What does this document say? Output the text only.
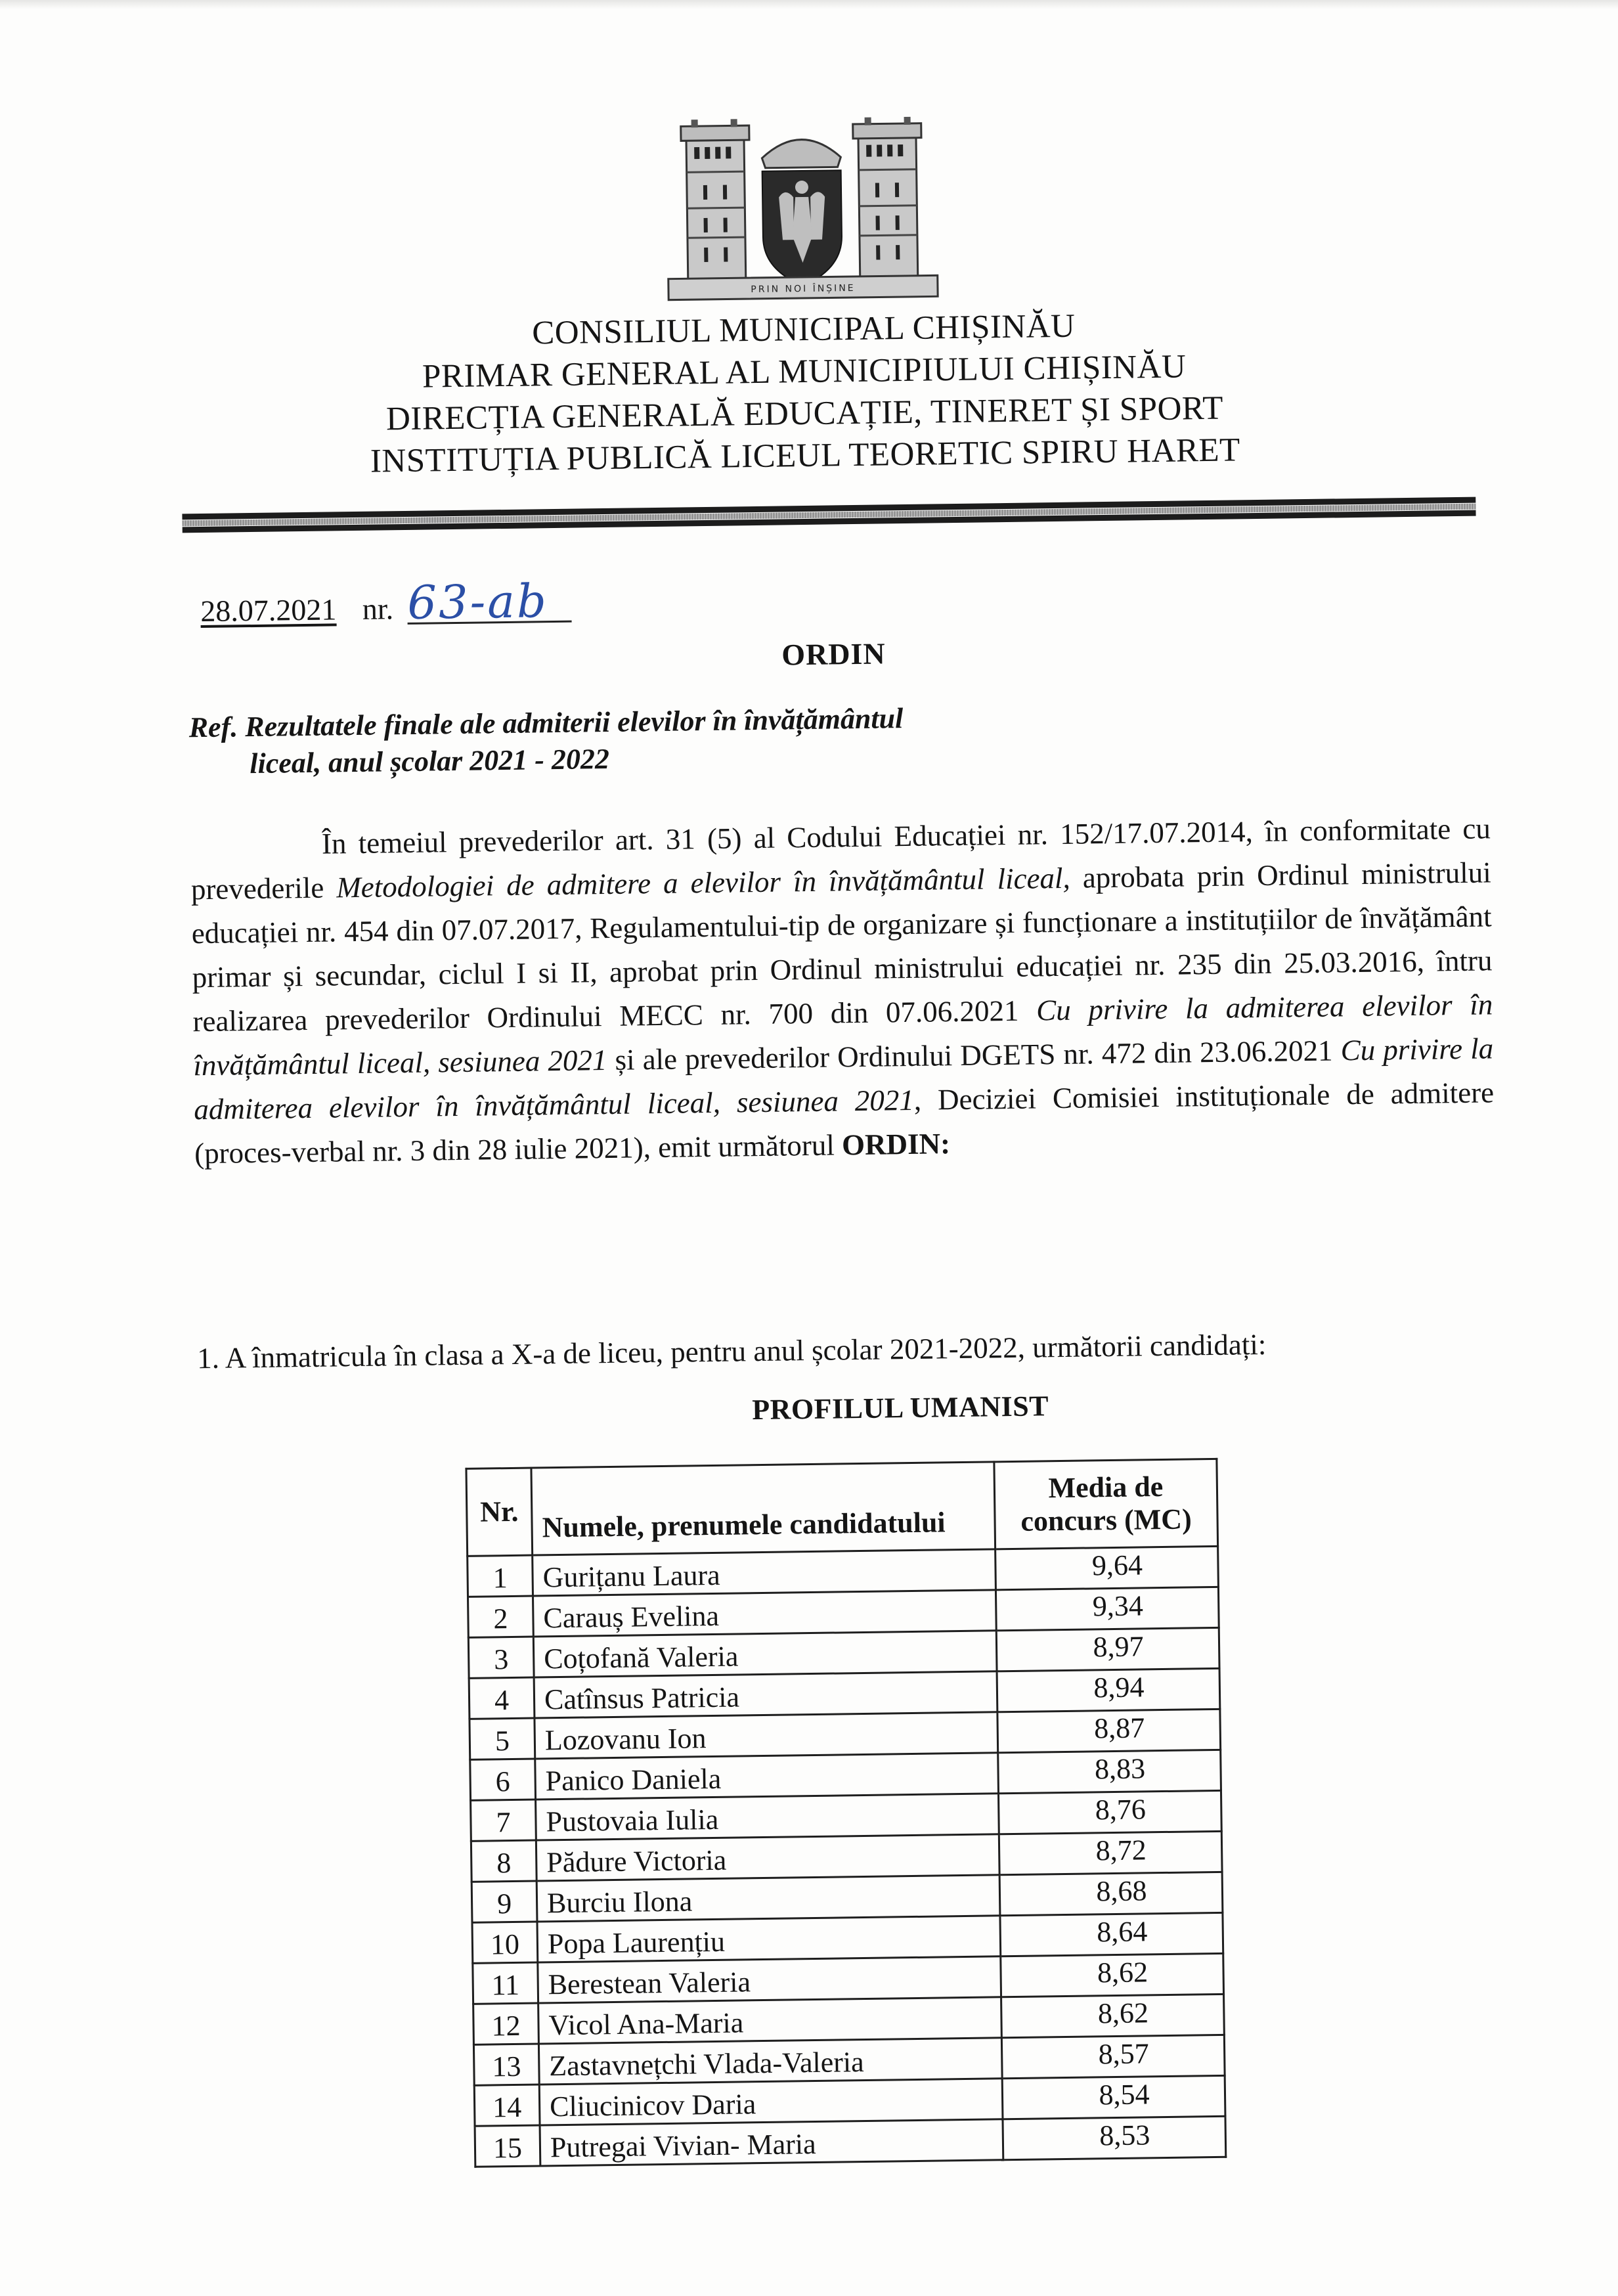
PRIN NOI ÎNȘINE
CONSILIUL MUNICIPAL CHIȘINĂU
PRIMAR GENERAL AL MUNICIPIULUI CHIȘINĂU
DIRECȚIA GENERALĂ EDUCAȚIE, TINERET ȘI SPORT
INSTITUȚIA PUBLICĂ LICEUL TEORETIC SPIRU HARET
28.07.2021 nr. 63-ab
ORDIN
Ref. Rezultatele finale ale admiterii elevilor în învățământul
liceal, anul școlar 2021 - 2022

În temeiul prevederilor art. 31 (5) al Codului Educației nr. 152/17.07.2014, în conformitate cu prevederile Metodologiei de admitere a elevilor în învățământul liceal, aprobata prin Ordinul ministrului educației nr. 454 din 07.07.2017, Regulamentului-tip de organizare și funcționare a instituțiilor de învățământ primar și secundar, ciclul I si II, aprobat prin Ordinul ministrului educației nr. 235 din 25.03.2016, întru realizarea prevederilor Ordinului MECC nr. 700 din 07.06.2021 Cu privire la admiterea elevilor în învățământul liceal, sesiunea 2021 și ale prevederilor Ordinului DGETS nr. 472 din 23.06.2021 Cu privire la admiterea elevilor în învățământul liceal, sesiunea 2021, Deciziei Comisiei instituționale de admitere (proces-verbal nr. 3 din 28 iulie 2021), emit următorul ORDIN:

1. A înmatricula în clasa a X-a de liceu, pentru anul școlar 2021-2022, următorii candidați:
PROFILUL UMANIST
Nr.	Numele, prenumele candidatului	Media de
concurs (MC)
1	Gurițanu Laura	9,64
2	Carauș Evelina	9,34
3	Coțofană Valeria	8,97
4	Catînsus Patricia	8,94
5	Lozovanu Ion	8,87
6	Panico Daniela	8,83
7	Pustovaia Iulia	8,76
8	Pădure Victoria	8,72
9	Burciu Ilona	8,68
10	Popa Laurențiu	8,64
11	Berestean Valeria	8,62
12	Vicol Ana-Maria	8,62
13	Zastavnețchi Vlada-Valeria	8,57
14	Cliucinicov Daria	8,54
15	Putregai Vivian- Maria	8,53
